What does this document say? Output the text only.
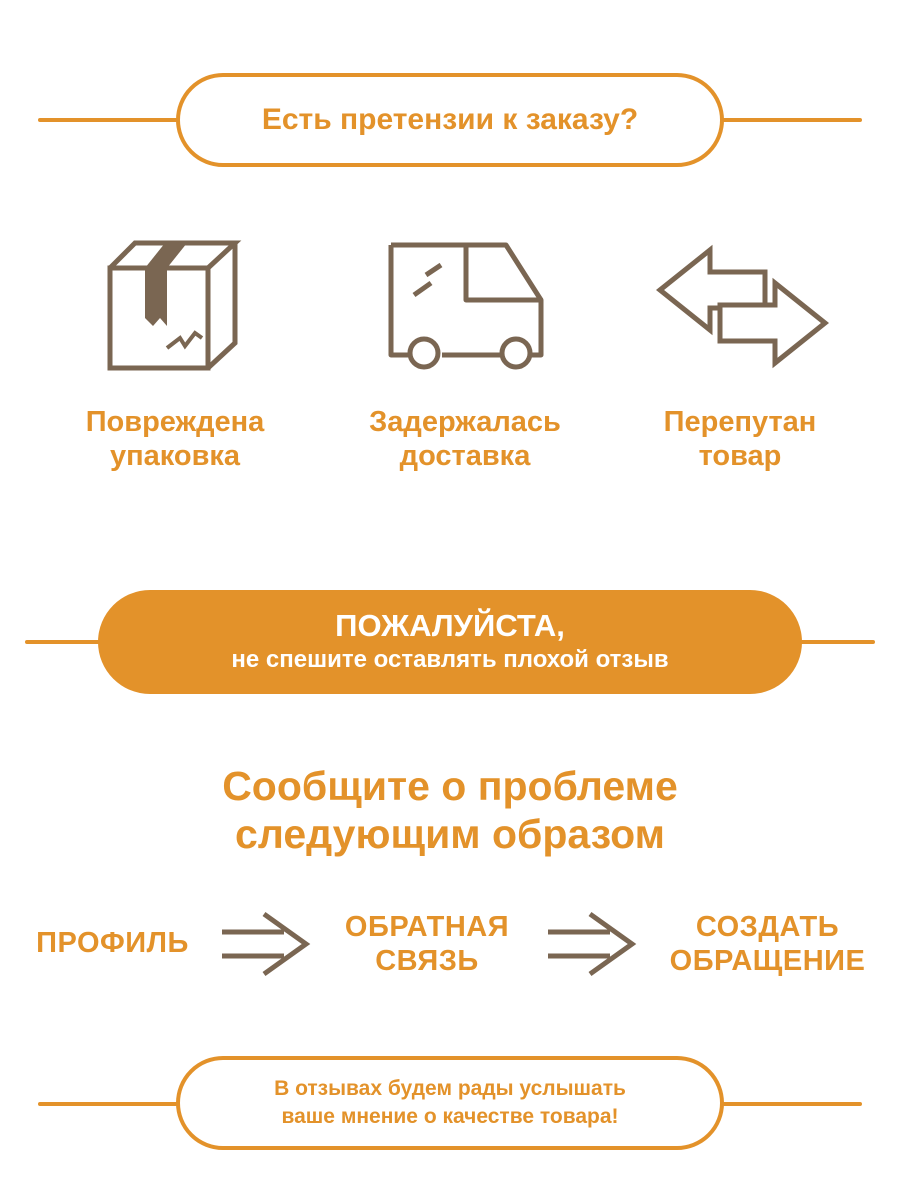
Есть претензии к заказу?
Повреждена
упаковка
Задержалась
доставка
Перепутан
товар
ПОЖАЛУЙСТА,
не спешите оставлять плохой отзыв
Сообщите о проблеме
следующим образом
ПРОФИЛЬ	ОБРАТНАЯ
СВЯЗЬ
СОЗДАТЬ
ОБРАЩЕНИЕ
В отзывах будем рады услышать
ваше мнение о качестве товара!
